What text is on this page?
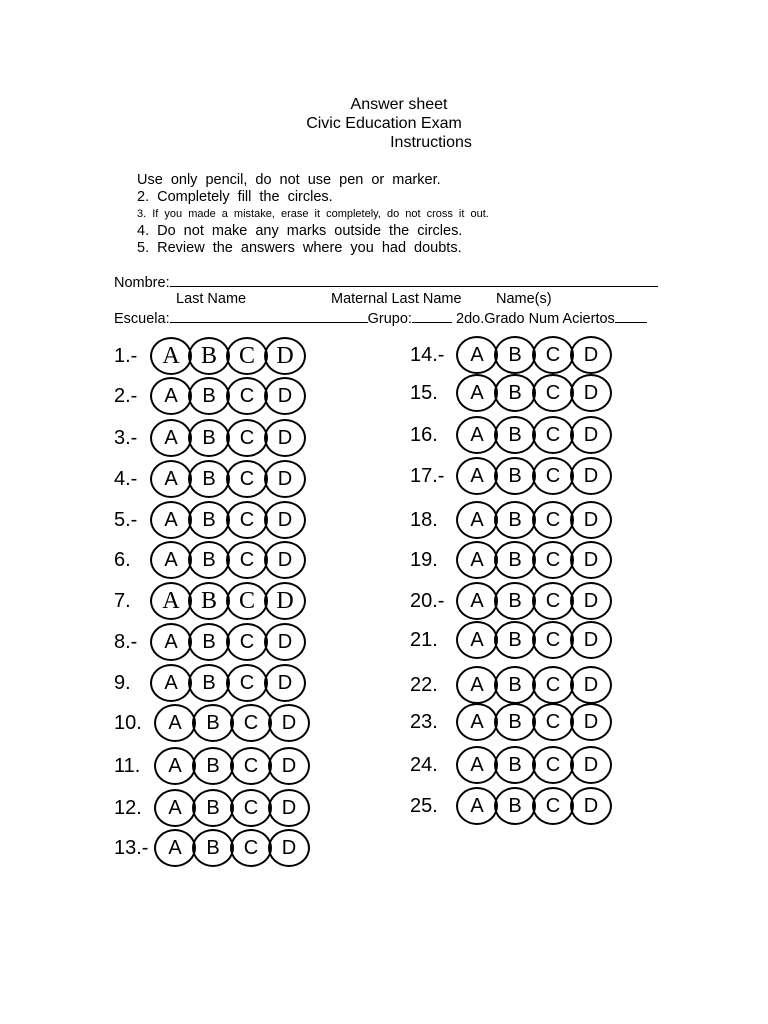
Answer sheet
Civic Education Exam
Instructions
Use only pencil, do not use pen or marker.
2. Completely fill the circles.
3. If you made a mistake, erase it completely, do not cross it out.
4. Do not make any marks outside the circles.
5. Review the answers where you had doubts.
Nombre:
Last Name	Maternal Last Name Name(s)
Escuela:	Grupo:	2do.Grado Num Aciertos
1.-	A B C D
2.-	A	B	C	D
3.-	A	B	C	D
4.-	A	B	C	D
5.-	A	B	C	D
6.	A	B	C	D
7.	A B C D
8.-	A	B	C	D
9.	A	B	C	D
10.	A	B	C	D
11.	A	B	C	D
12.	A	B	C	D
13.- A	B	C	D
14.-	A	B	C	D
15.	A	B	C	D
16.	A	B	C	D
17.-	A	B	C	D
18.	A	B	C	D
19.	A	B	C	D
20.-	A	B	C	D
21.	A	B	C	D
22.	A	B	C	D
23.	A	B	C	D
24.	A	B	C	D
25.	A	B	C	D
